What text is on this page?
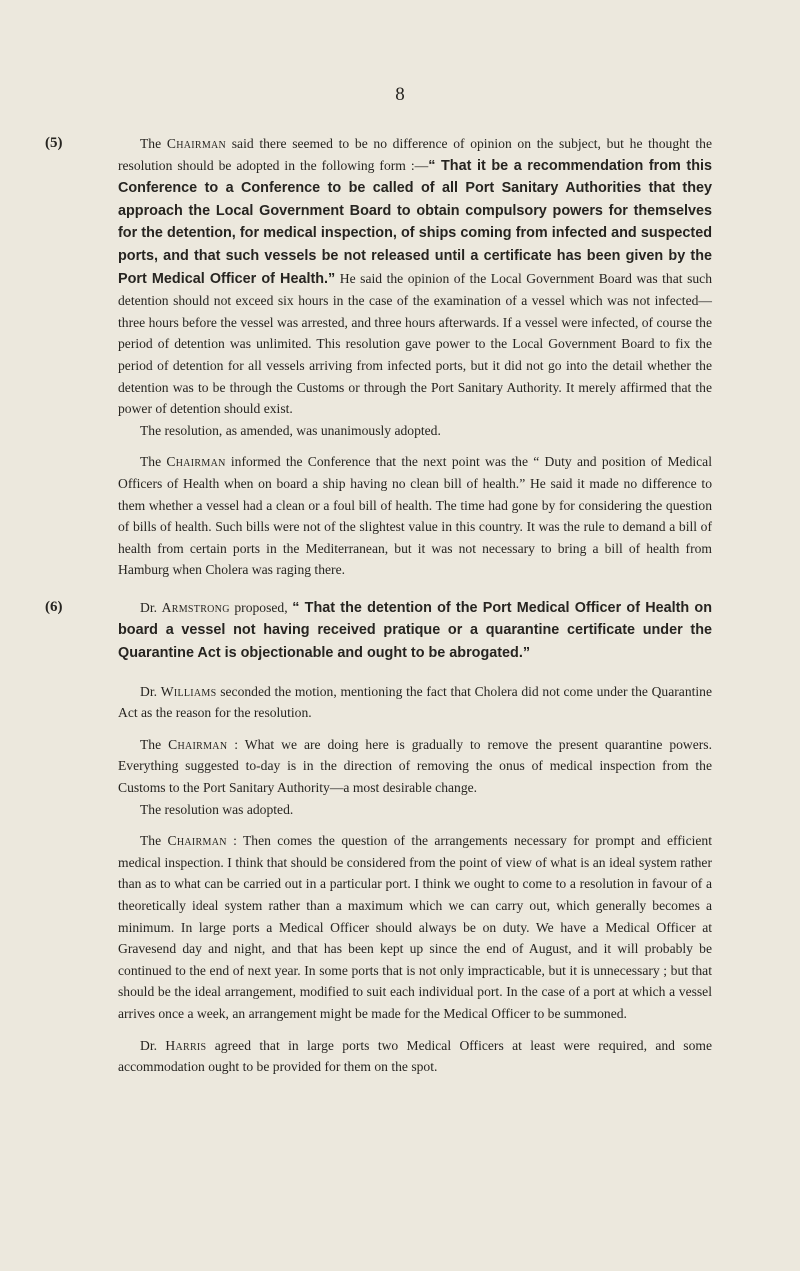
8

(5)	The Chairman said there seemed to be no difference of opinion on the subject, but he thought the resolution should be adopted in the following form :—“ That it be a recommendation from this Conference to a Conference to be called of all Port Sanitary Authorities that they approach the Local Government Board to obtain compulsory powers for themselves for the detention, for medical inspection, of ships coming from infected and suspected ports, and that such vessels be not released until a certificate has been given by the Port Medical Officer of Health.” He said the opinion of the Local Government Board was that such detention should not exceed six hours in the case of the examination of a vessel which was not infected—three hours before the vessel was arrested, and three hours afterwards. If a vessel were infected, of course the period of detention was unlimited. This resolution gave power to the Local Government Board to fix the period of detention for all vessels arriving from infected ports, but it did not go into the detail whether the detention was to be through the Customs or through the Port Sanitary Authority. It merely affirmed that the power of detention should exist.

The resolution, as amended, was unanimously adopted.

The Chairman informed the Conference that the next point was the “ Duty and position of Medical Officers of Health when on board a ship having no clean bill of health.” He said it made no difference to them whether a vessel had a clean or a foul bill of health. The time had gone by for considering the question of bills of health. Such bills were not of the slightest value in this country. It was the rule to demand a bill of health from certain ports in the Mediterranean, but it was not necessary to bring a bill of health from Hamburg when Cholera was raging there.

(6)	Dr. Armstrong proposed, “ That the detention of the Port Medical Officer of Health on board a vessel not having received pratique or a quarantine certificate under the Quarantine Act is objectionable and ought to be abrogated.”

Dr. Williams seconded the motion, mentioning the fact that Cholera did not come under the Quarantine Act as the reason for the resolution.

The Chairman : What we are doing here is gradually to remove the present quarantine powers. Everything suggested to-day is in the direction of removing the onus of medical inspection from the Customs to the Port Sanitary Authority—a most desirable change.

The resolution was adopted.

The Chairman : Then comes the question of the arrangements necessary for prompt and efficient medical inspection. I think that should be considered from the point of view of what is an ideal system rather than as to what can be carried out in a particular port. I think we ought to come to a resolution in favour of a theoretically ideal system rather than a maximum which we can carry out, which generally becomes a minimum. In large ports a Medical Officer should always be on duty. We have a Medical Officer at Gravesend day and night, and that has been kept up since the end of August, and it will probably be continued to the end of next year. In some ports that is not only impracticable, but it is unnecessary ; but that should be the ideal arrangement, modified to suit each individual port. In the case of a port at which a vessel arrives once a week, an arrangement might be made for the Medical Officer to be summoned.

Dr. Harris agreed that in large ports two Medical Officers at least were required, and some accommodation ought to be provided for them on the spot.
